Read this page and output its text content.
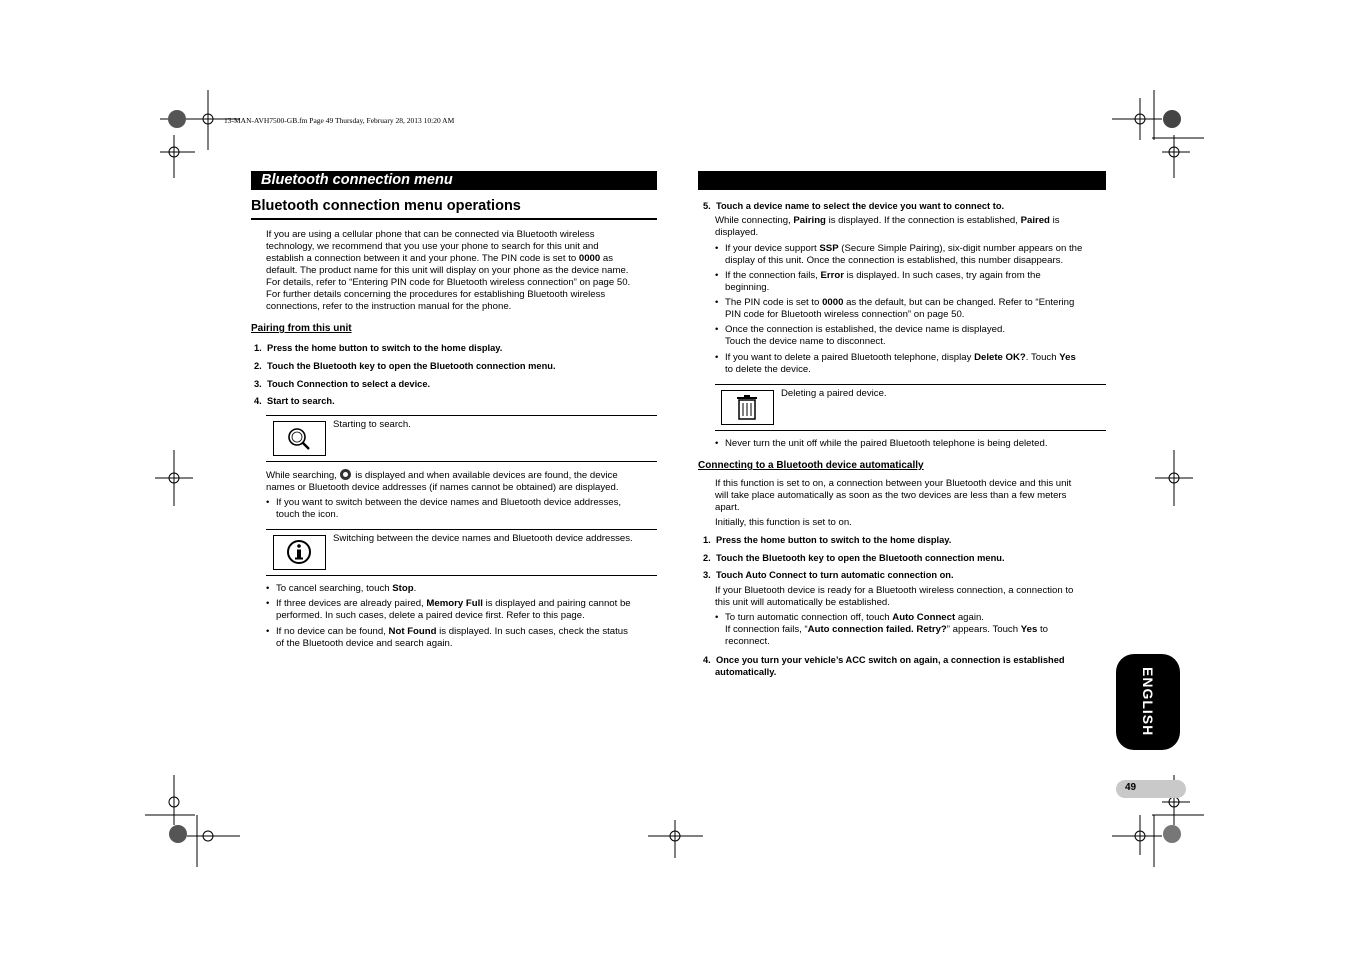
13-MAN-AVH7500-GB.fm Page 49 Thursday, February 28, 2013 10:20 AM
Bluetooth connection menu
Bluetooth connection menu operations
If you are using a cellular phone that can be connected via Bluetooth wireless
technology, we recommend that you use your phone to search for this unit and
establish a connection between it and your phone. The PIN code is set to 0000 as
default. The product name for this unit will display on your phone as the device name.
For details, refer to “Entering PIN code for Bluetooth wireless connection” on page 50.
For further details concerning the procedures for establishing Bluetooth wireless
connections, refer to the instruction manual for the phone.
Pairing from this unit
1. Press the home button to switch to the home display.
2. Touch the Bluetooth key to open the Bluetooth connection menu.
3. Touch Connection to select a device.
4. Start to search.
Starting to search.
While searching,
is displayed and when available devices are found, the device
names or Bluetooth device addresses (if names cannot be obtained) are displayed.
• If you want to switch between the device names and Bluetooth device addresses,
touch the icon.
Switching between the device names and Bluetooth device addresses.
• To cancel searching, touch Stop.
• If three devices are already paired, Memory Full is displayed and pairing cannot be
performed. In such cases, delete a paired device first. Refer to this page.
• If no device can be found, Not Found is displayed. In such cases, check the status
of the Bluetooth device and search again.
5. Touch a device name to select the device you want to connect to.
While connecting, Pairing is displayed. If the connection is established, Paired is
displayed.
• If your device support SSP (Secure Simple Pairing), six-digit number appears on the
display of this unit. Once the connection is established, this number disappears.
• If the connection fails, Error is displayed. In such cases, try again from the
beginning.
• The PIN code is set to 0000 as the default, but can be changed. Refer to “Entering
PIN code for Bluetooth wireless connection” on page 50.
• Once the connection is established, the device name is displayed.
Touch the device name to disconnect.
• If you want to delete a paired Bluetooth telephone, display Delete OK?. Touch Yes
to delete the device.
Deleting a paired device.
• Never turn the unit off while the paired Bluetooth telephone is being deleted.
Connecting to a Bluetooth device automatically
If this function is set to on, a connection between your Bluetooth device and this unit
will take place automatically as soon as the two devices are less than a few meters
apart.
Initially, this function is set to on.
1. Press the home button to switch to the home display.
2. Touch the Bluetooth key to open the Bluetooth connection menu.
3. Touch Auto Connect to turn automatic connection on.
If your Bluetooth device is ready for a Bluetooth wireless connection, a connection to
this unit will automatically be established.
• To turn automatic connection off, touch Auto Connect again.
If connection fails, “Auto connection failed. Retry?” appears. Touch Yes to
reconnect.
4. Once you turn your vehicle’s ACC switch on again, a connection is established
automatically.	ENGLISH
49
